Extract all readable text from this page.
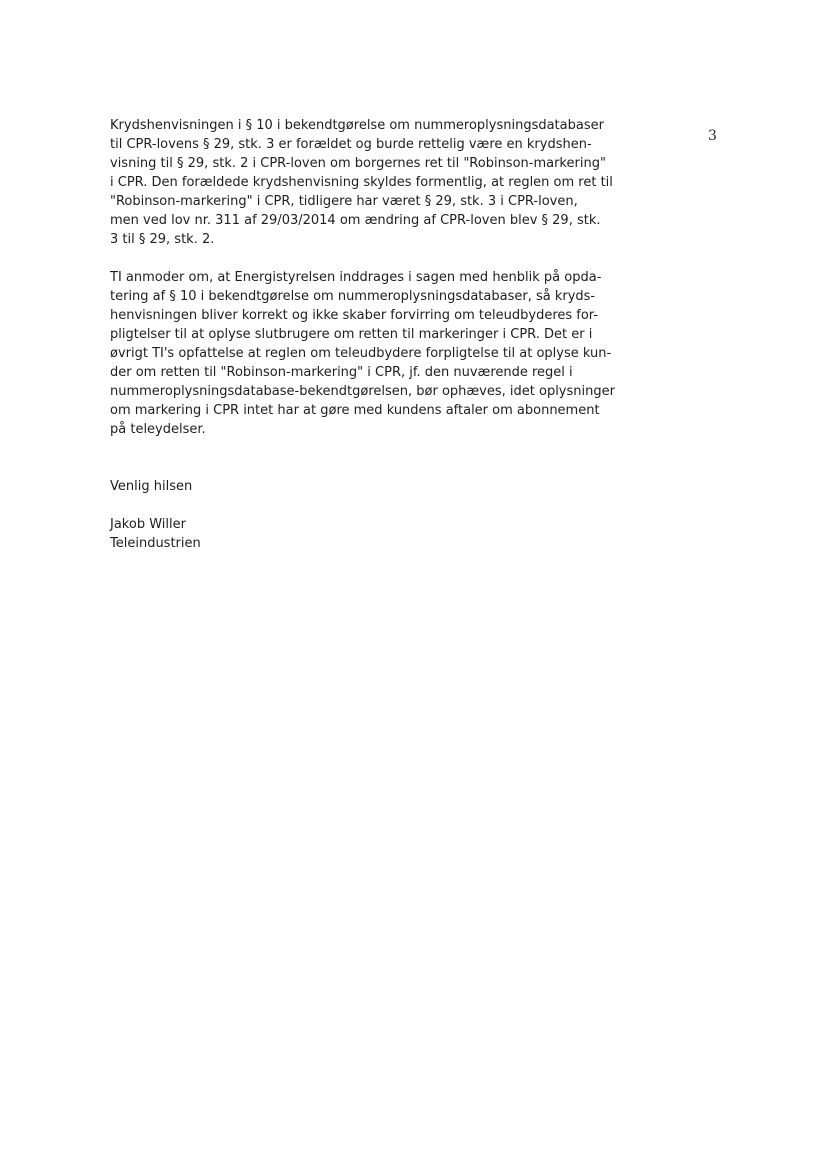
3
Krydshenvisningen i § 10 i bekendtgørelse om nummeroplysningsdatabaser
til CPR-lovens § 29, stk. 3 er forældet og burde rettelig være en krydshen-
visning til § 29, stk. 2 i CPR-loven om borgernes ret til "Robinson-markering"
i CPR. Den forældede krydshenvisning skyldes formentlig, at reglen om ret til
"Robinson-markering" i CPR, tidligere har været § 29, stk. 3 i CPR-loven,
men ved lov nr. 311 af 29/03/2014 om ændring af CPR-loven blev § 29, stk.
3 til § 29, stk. 2.
TI anmoder om, at Energistyrelsen inddrages i sagen med henblik på opda-
tering af § 10 i bekendtgørelse om nummeroplysningsdatabaser, så kryds-
henvisningen bliver korrekt og ikke skaber forvirring om teleudbyderes for-
pligtelser til at oplyse slutbrugere om retten til markeringer i CPR. Det er i
øvrigt TI's opfattelse at reglen om teleudbydere forpligtelse til at oplyse kun-
der om retten til "Robinson-markering" i CPR, jf. den nuværende regel i
nummeroplysningsdatabase-bekendtgørelsen, bør ophæves, idet oplysninger
om markering i CPR intet har at gøre med kundens aftaler om abonnement
på teleydelser.
Venlig hilsen
Jakob Willer
Teleindustrien
